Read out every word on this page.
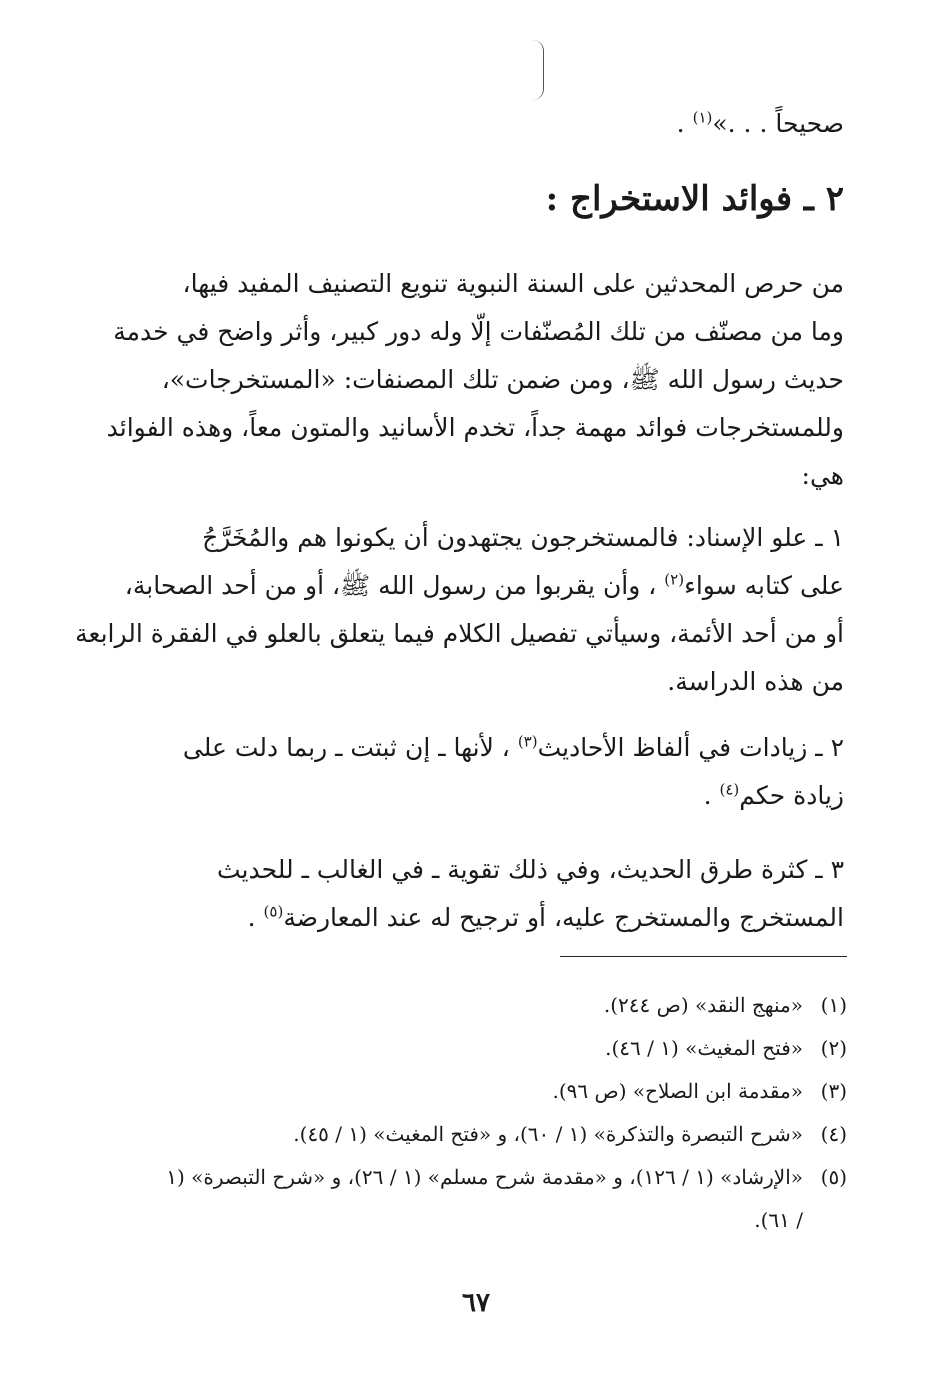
صحيحاً . . .»$^{(١)}$ .
٢ ـ فوائد الاستخراج :
من حرص المحدثين على السنة النبوية تنويع التصنيف المفيد فيها،
وما من مصنّف من تلك المُصنّفات إلّا وله دور كبير، وأثر واضح في خدمة
حديث رسول الله ﷺ، ومن ضمن تلك المصنفات: «المستخرجات»،
وللمستخرجات فوائد مهمة جداً، تخدم الأسانيد والمتون معاً، وهذه الفوائد
هي:
١ ـ علو الإسناد: فالمستخرجون يجتهدون أن يكونوا هم والمُخَرَّجُ
على كتابه سواء$^{(٢)}$ ، وأن يقربوا من رسول الله ﷺ، أو من أحد الصحابة،
أو من أحد الأئمة، وسيأتي تفصيل الكلام فيما يتعلق بالعلو في الفقرة الرابعة
من هذه الدراسة.
٢ ـ زيادات في ألفاظ الأحاديث$^{(٣)}$ ، لأنها ـ إن ثبتت ـ ربما دلت على
زيادة حكم$^{(٤)}$ .
٣ ـ كثرة طرق الحديث، وفي ذلك تقوية ـ في الغالب ـ للحديث
المستخرج والمستخرج عليه، أو ترجيح له عند المعارضة$^{(٥)}$ .
(١)
«منهج النقد» (ص ٢٤٤).
(٢)
«فتح المغيث» (١ / ٤٦).
(٣)
«مقدمة ابن الصلاح» (ص ٩٦).
(٤)
«شرح التبصرة والتذكرة» (١ / ٦٠)، و «فتح المغيث» (١ / ٤٥).
(٥)
«الإرشاد» (١ / ١٢٦)، و «مقدمة شرح مسلم» (١ / ٢٦)، و «شرح التبصرة» (١
/ ٦١).
٦٧
